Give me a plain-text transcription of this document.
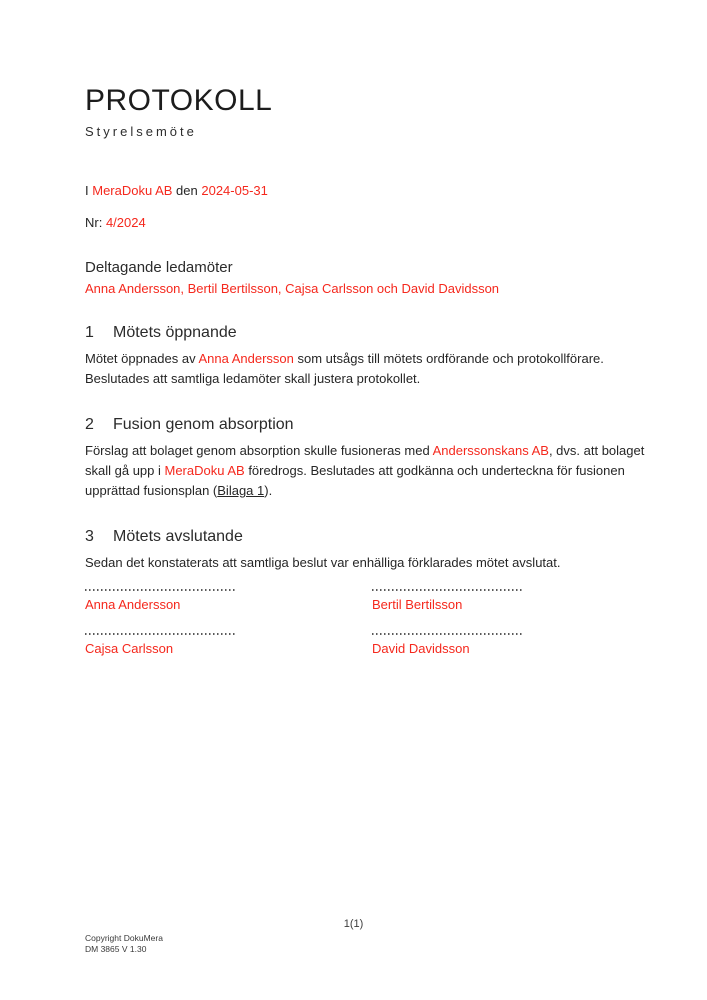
PROTOKOLL
Styrelsemöte
I MeraDoku AB den 2024-05-31
Nr: 4/2024
Deltagande ledamöter
Anna Andersson, Bertil Bertilsson, Cajsa Carlsson och David Davidsson
1	Mötets öppnande
Mötet öppnades av Anna Andersson som utsågs till mötets ordförande och protokollförare.
Beslutades att samtliga ledamöter skall justera protokollet.
2	Fusion genom absorption
Förslag att bolaget genom absorption skulle fusioneras med Anderssonskans AB, dvs. att bolaget
skall gå upp i MeraDoku AB föredrogs. Beslutades att godkänna och underteckna för fusionen
upprättad fusionsplan (Bilaga 1).
3	Mötets avslutande
Sedan det konstaterats att samtliga beslut var enhälliga förklarades mötet avslutat.
Anna Andersson	Bertil Bertilsson
Cajsa Carlsson	David Davidsson
1(1)
Copyright DokuMera
DM 3865 V 1.30
